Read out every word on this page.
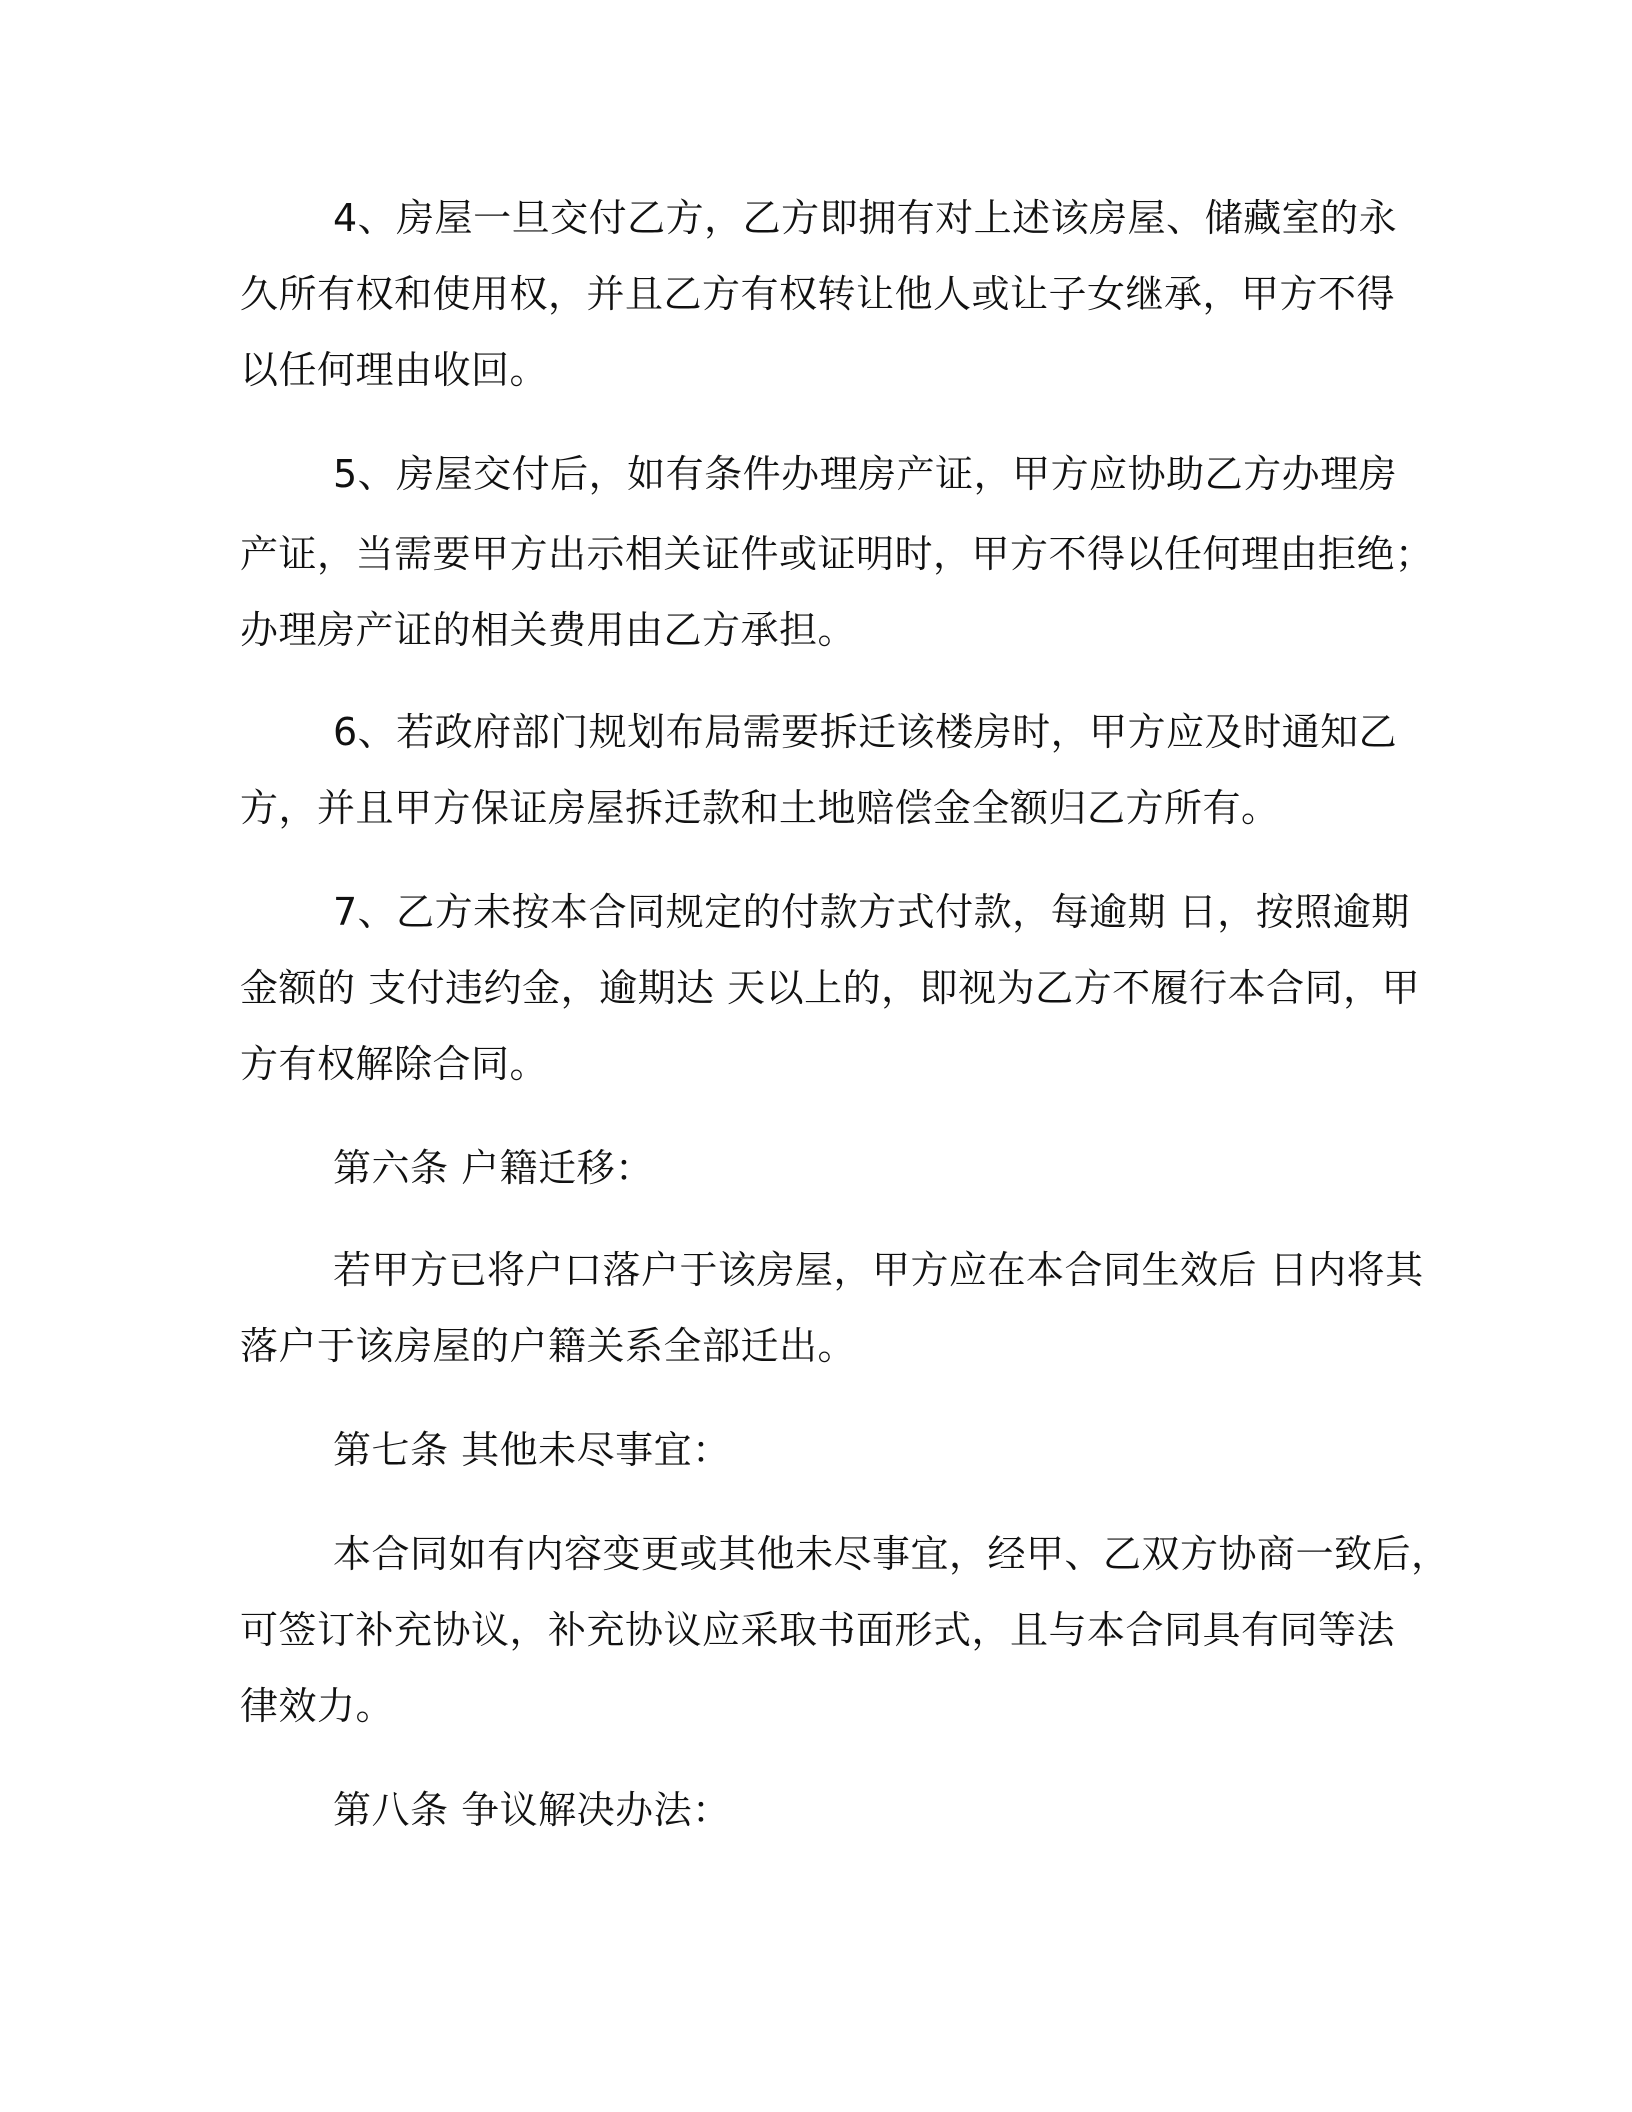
4、房屋一旦交付乙方，乙方即拥有对上述该房屋、储藏室的永
久所有权和使用权，并且乙方有权转让他人或让子女继承，甲方不得
以任何理由收回。
5、房屋交付后，如有条件办理房产证，甲方应协助乙方办理房
产证，当需要甲方出示相关证件或证明时，甲方不得以任何理由拒绝；
办理房产证的相关费用由乙方承担。
6、若政府部门规划布局需要拆迁该楼房时，甲方应及时通知乙
方，并且甲方保证房屋拆迁款和土地赔偿金全额归乙方所有。
7、乙方未按本合同规定的付款方式付款，每逾期 日，按照逾期
金额的 支付违约金，逾期达 天以上的，即视为乙方不履行本合同，甲
方有权解除合同。
第六条 户籍迁移：
若甲方已将户口落户于该房屋，甲方应在本合同生效后 日内将其
落户于该房屋的户籍关系全部迁出。
第七条 其他未尽事宜：
本合同如有内容变更或其他未尽事宜，经甲、乙双方协商一致后，
可签订补充协议，补充协议应采取书面形式，且与本合同具有同等法
律效力。
第八条 争议解决办法：
